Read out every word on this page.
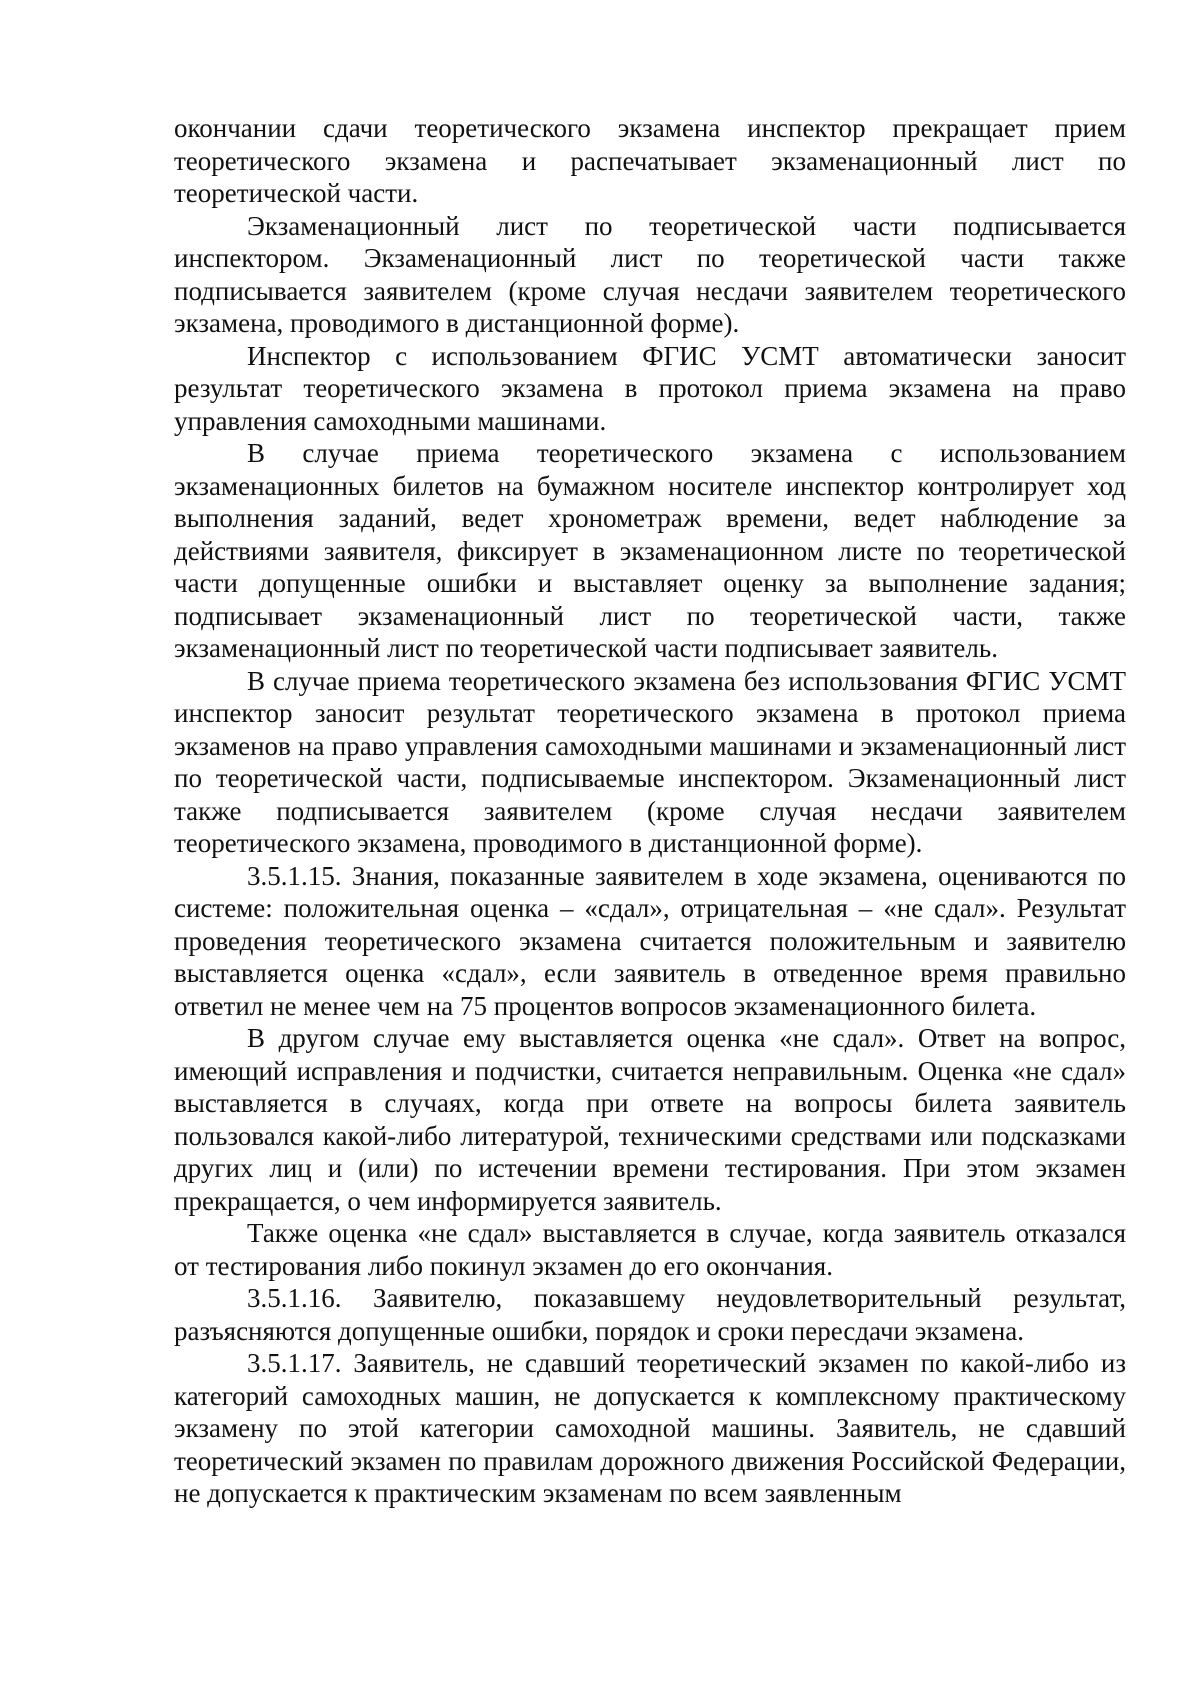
окончании сдачи теоретического экзамена инспектор прекращает прием теоретического экзамена и распечатывает экзаменационный лист по теоретической части.

Экзаменационный лист по теоретической части подписывается инспектором. Экзаменационный лист по теоретической части также подписывается заявителем (кроме случая несдачи заявителем теоретического экзамена, проводимого в дистанционной форме).

Инспектор с использованием ФГИС УСМТ автоматически заносит результат теоретического экзамена в протокол приема экзамена на право управления самоходными машинами.

В случае приема теоретического экзамена с использованием экзаменационных билетов на бумажном носителе инспектор контролирует ход выполнения заданий, ведет хронометраж времени, ведет наблюдение за действиями заявителя, фиксирует в экзаменационном листе по теоретической части допущенные ошибки и выставляет оценку за выполнение задания; подписывает экзаменационный лист по теоретической части, также экзаменационный лист по теоретической части подписывает заявитель.

В случае приема теоретического экзамена без использования ФГИС УСМТ инспектор заносит результат теоретического экзамена в протокол приема экзаменов на право управления самоходными машинами и экзаменационный лист по теоретической части, подписываемые инспектором. Экзаменационный лист также подписывается заявителем (кроме случая несдачи заявителем теоретического экзамена, проводимого в дистанционной форме).

3.5.1.15. Знания, показанные заявителем в ходе экзамена, оцениваются по системе: положительная оценка – «сдал», отрицательная – «не сдал». Результат проведения теоретического экзамена считается положительным и заявителю выставляется оценка «сдал», если заявитель в отведенное время правильно ответил не менее чем на 75 процентов вопросов экзаменационного билета.

В другом случае ему выставляется оценка «не сдал». Ответ на вопрос, имеющий исправления и подчистки, считается неправильным. Оценка «не сдал» выставляется в случаях, когда при ответе на вопросы билета заявитель пользовался какой-либо литературой, техническими средствами или подсказками других лиц и (или) по истечении времени тестирования. При этом экзамен прекращается, о чем информируется заявитель.

Также оценка «не сдал» выставляется в случае, когда заявитель отказался от тестирования либо покинул экзамен до его окончания.

3.5.1.16. Заявителю, показавшему неудовлетворительный результат, разъясняются допущенные ошибки, порядок и сроки пересдачи экзамена.

3.5.1.17. Заявитель, не сдавший теоретический экзамен по какой-либо из категорий самоходных машин, не допускается к комплексному практическому экзамену по этой категории самоходной машины. Заявитель, не сдавший теоретический экзамен по правилам дорожного движения Российской Федерации, не допускается к практическим экзаменам по всем заявленным
